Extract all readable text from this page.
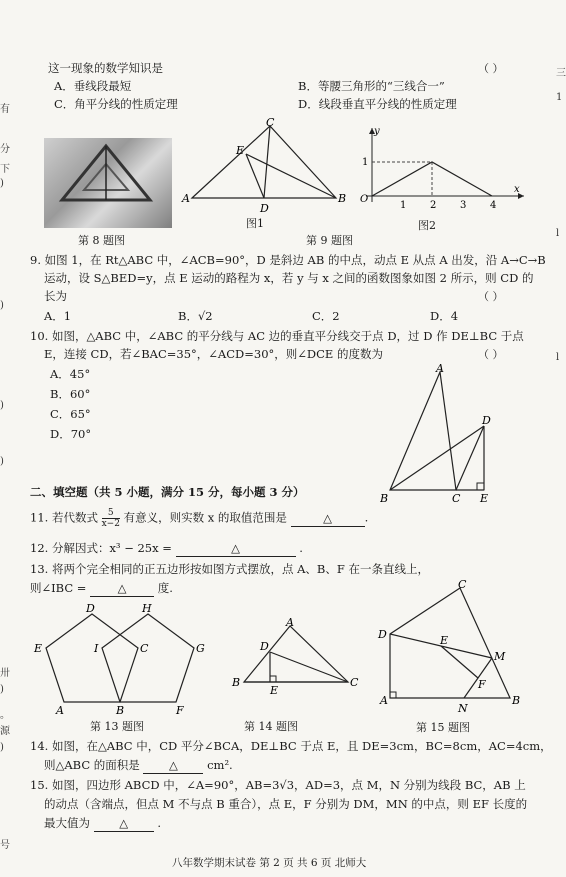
有
分
下
)
)
)
)
卅
)
。
源
)
号
三
1
l
l
这一现象的数学知识是	（ ）
A．垂线段最短	B．等腰三角形的“三线合一”
C．角平分线的性质定理	D．线段垂直平分线的性质定理
第 8 题图
A
C
E
D
B
图1
O
1
y
1 2 3 4
x
图2
第 9 题图
9. 如图 1，在 Rt△ABC 中，∠ACB=90°，D 是斜边 AB 的中点，动点 E 从点 A 出发，沿 A→C→B
运动，设 S△BED=y，点 E 运动的路程为 x，若 y 与 x 之间的函数图象如图 2 所示，则 CD 的
长为	（ ）
A．1	B．√2	C．2	D．4
10. 如图，△ABC 中，∠ABC 的平分线与 AC 边的垂直平分线交于点 D，过 D 作 DE⊥BC 于点
E，连接 CD，若∠BAC=35°，∠ACD=30°，则∠DCE 的度数为	（ ）
A．45°
B．60°
C．65°
D．70°
A
B	C
D
E
二、填空题（共 5 小题，满分 15 分，每小题 3 分）
11. 若代数式 $\frac{5}{x-2}$ 有意义，则实数 x 的取值范围是	△	.
12. 分解因式：x³ − 25x =	△	.
13. 将两个完全相同的正五边形按如图方式摆放，点 A、B、F 在一条直线上，
则∠IBC =	△	度.
D	H
E	I	C	G
A	B	F
第 13 题图
A
D
B
E
C
第 14 题图
C
D	E
M
F
A
N
B
第 15 题图
14. 如图，在△ABC 中，CD 平分∠BCA，DE⊥BC 于点 E，且 DE=3cm，BC=8cm，AC=4cm，
则△ABC 的面积是	△	cm².
15. 如图，四边形 ABCD 中，∠A=90°，AB=3√3，AD=3，点 M，N 分别为线段 BC，AB 上
的动点（含端点，但点 M 不与点 B 重合），点 E，F 分别为 DM，MN 的中点，则 EF 长度的
最大值为	△	.
八年数学期末试卷 第 2 页 共 6 页 北师大
